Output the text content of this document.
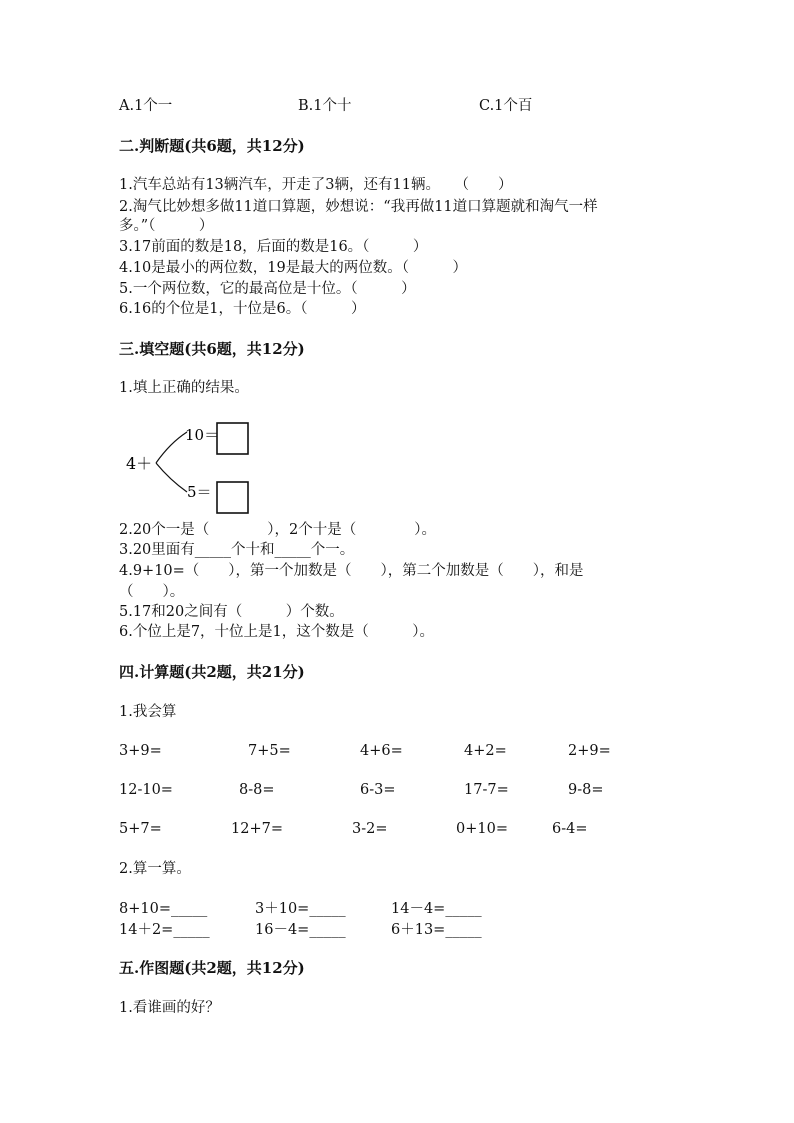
A.1个一	B.1个十	C.1个百
二.判断题(共6题，共12分)
1.汽车总站有13辆汽车，开走了3辆，还有11辆。　　（　　）
2.淘气比妙想多做11道口算题，妙想说：“我再做11道口算题就和淘气一样
多。”（　　　）
3.17前面的数是18，后面的数是16。（　　　）
4.10是最小的两位数，19是最大的两位数。（　　　）
5.一个两位数，它的最高位是十位。（　　　）
6.16的个位是1，十位是6。（　　　）
三.填空题(共6题，共12分)
1.填上正确的结果。
4＋
10＝
5＝
2.20个一是（　　　　），2个十是（　　　　）。
3.20里面有_____个十和_____个一。
4.9+10=（　　），第一个加数是（　　），第二个加数是（　　），和是
（　　）。
5.17和20之间有（　　　）个数。
6.个位上是7，十位上是1，这个数是（　　　）。
四.计算题(共2题，共21分)
1.我会算
3+9=	7+5=	4+6=	4+2=	2+9=
12-10=	8-8=	6-3=	17-7=	9-8=
5+7=	12+7=	3-2=	0+10=	6-4=
2.算一算。
8+10=_____	3＋10=_____	14－4=_____
14＋2=_____	16－4=_____	6＋13=_____
五.作图题(共2题，共12分)
1.看谁画的好？
